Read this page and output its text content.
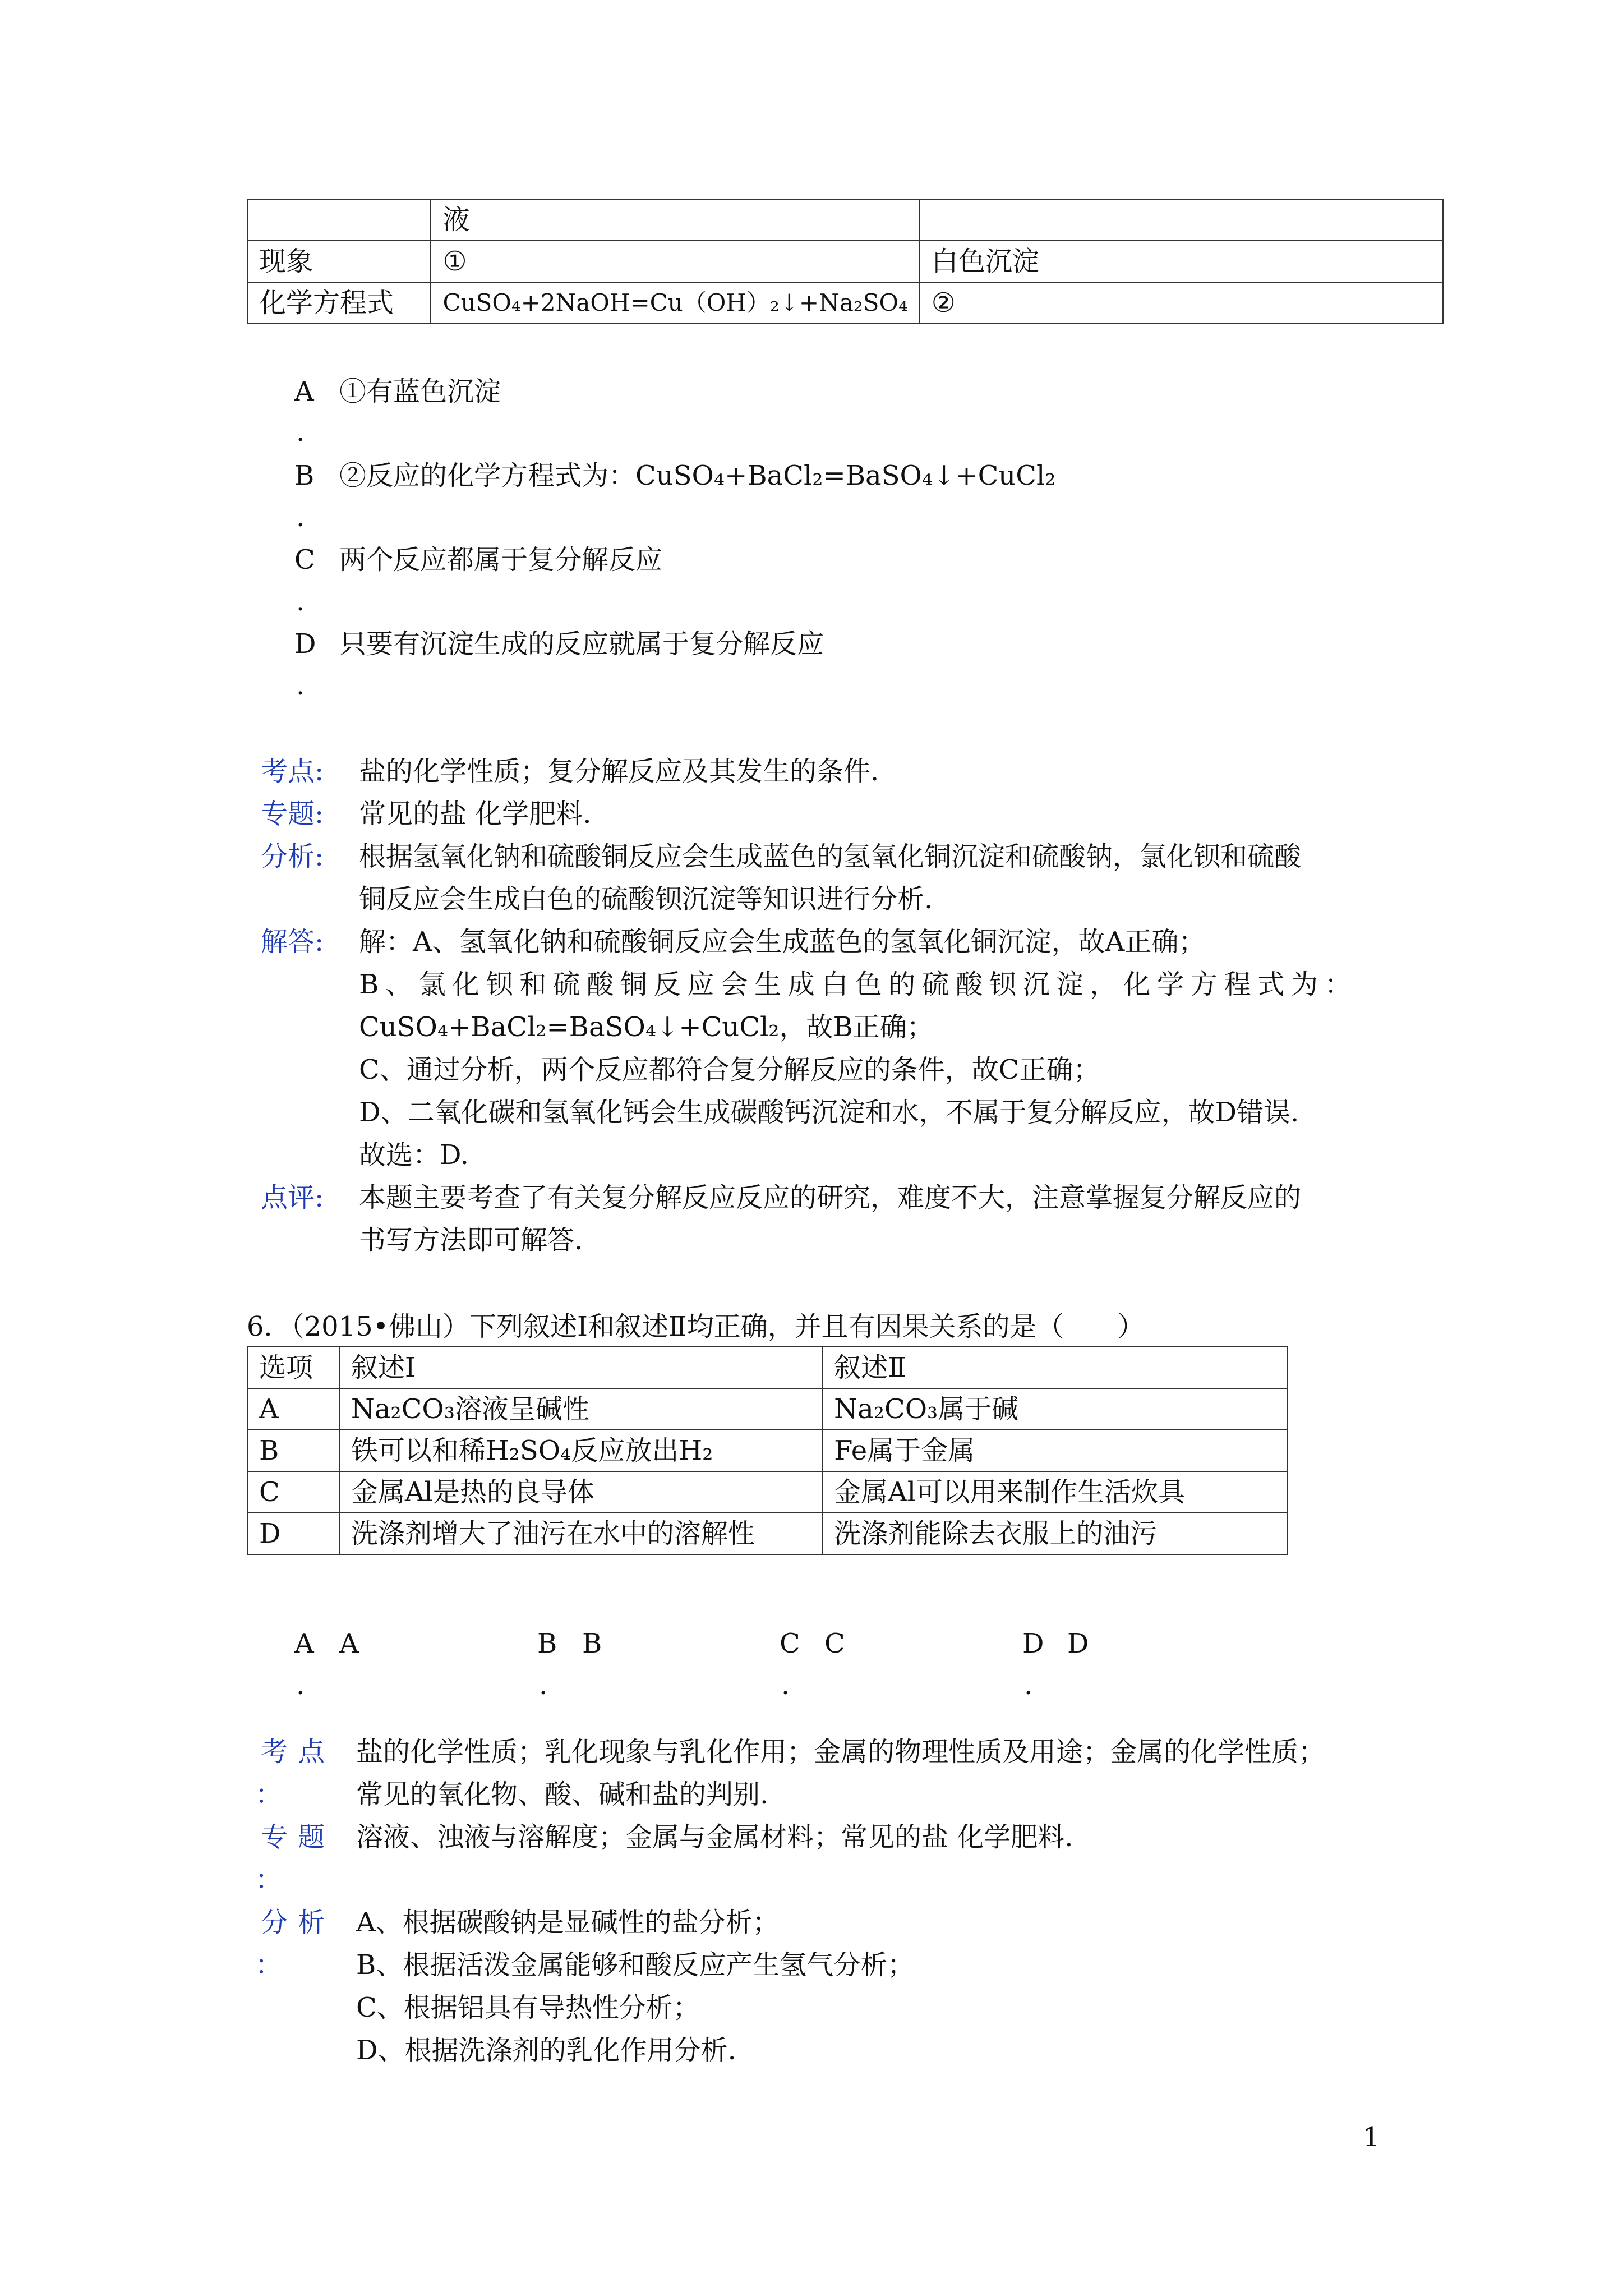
	液	
现象	①	白色沉淀
化学方程式	CuSO₄+2NaOH=Cu（OH）₂↓+Na₂SO₄	②
A ①有蓝色沉淀
.
B ②反应的化学方程式为：CuSO₄+BaCl₂=BaSO₄↓+CuCl₂
.
C 两个反应都属于复分解反应
.
D 只要有沉淀生成的反应就属于复分解反应
.
考点: 盐的化学性质；复分解反应及其发生的条件.
专题: 常见的盐 化学肥料.
分析: 根据氢氧化钠和硫酸铜反应会生成蓝色的氢氧化铜沉淀和硫酸钠，氯化钡和硫酸
铜反应会生成白色的硫酸钡沉淀等知识进行分析.
解答: 解：A、氢氧化钠和硫酸铜反应会生成蓝色的氢氧化铜沉淀，故A正确；
B、氯化钡和硫酸铜反应会生成白色的硫酸钡沉淀，化学方程式为：
CuSO₄+BaCl₂=BaSO₄↓+CuCl₂，故B正确；
C、通过分析，两个反应都符合复分解反应的条件，故C正确；
D、二氧化碳和氢氧化钙会生成碳酸钙沉淀和水，不属于复分解反应，故D错误.
故选：D.
点评: 本题主要考查了有关复分解反应反应的研究，难度不大，注意掌握复分解反应的
书写方法即可解答.
6．（2015•佛山）下列叙述Ⅰ和叙述Ⅱ均正确，并且有因果关系的是（　　）
选项	叙述Ⅰ	叙述Ⅱ
A	Na₂CO₃溶液呈碱性	Na₂CO₃属于碱
B	铁可以和稀H₂SO₄反应放出H₂	Fe属于金属
C	金属Al是热的良导体	金属Al可以用来制作生活炊具
D	洗涤剂增大了油污在水中的溶解性	洗涤剂能除去衣服上的油污
A A
.
B B
.
C C
.
D D
.
考点
：
盐的化学性质；乳化现象与乳化作用；金属的物理性质及用途；金属的化学性质；
常见的氧化物、酸、碱和盐的判别.
专题
：
溶液、浊液与溶解度；金属与金属材料；常见的盐 化学肥料.
分析
：
A、根据碳酸钠是显碱性的盐分析；
B、根据活泼金属能够和酸反应产生氢气分析；
C、根据铝具有导热性分析；
D、根据洗涤剂的乳化作用分析.
1
